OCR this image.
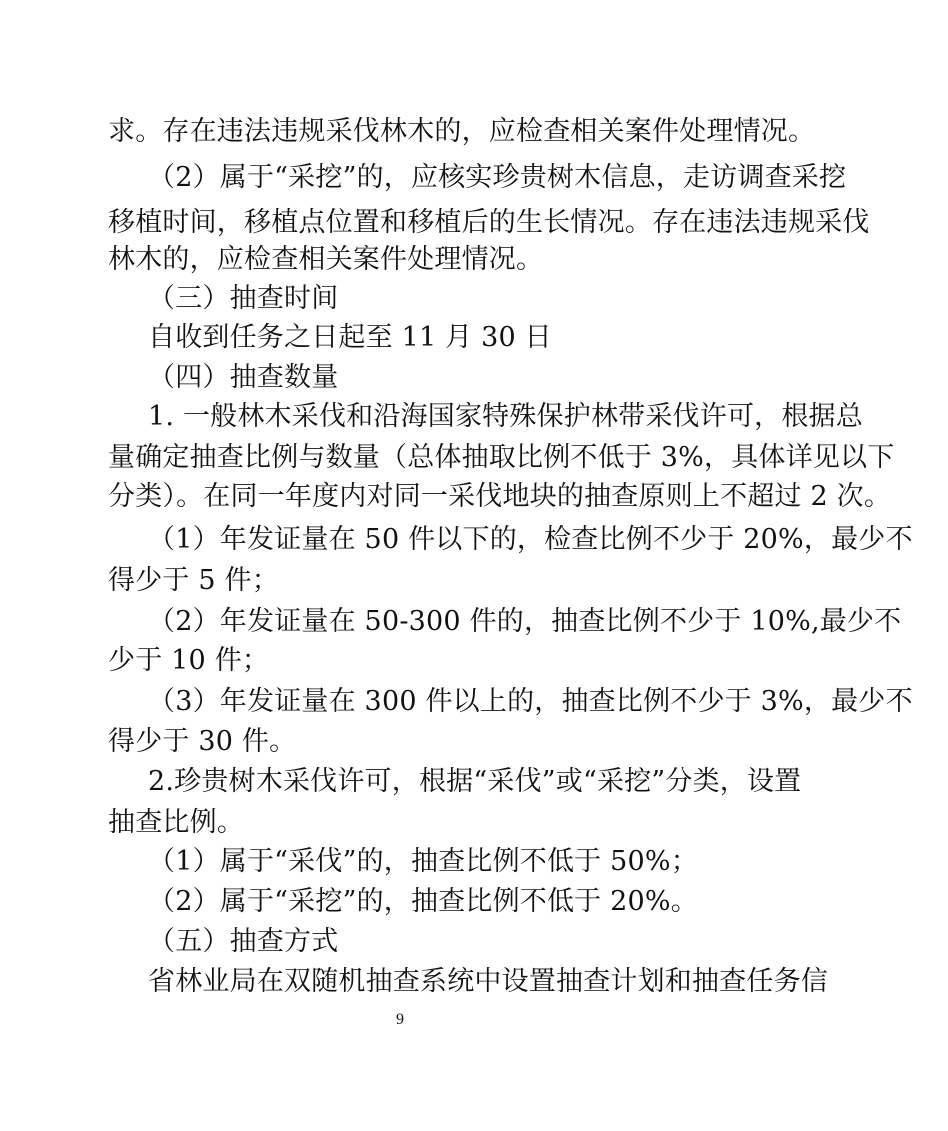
求。存在违法违规采伐林木的，应检查相关案件处理情况。
（2）属于“采挖”的，应核实珍贵树木信息，走访调查采挖
移植时间，移植点位置和移植后的生长情况。存在违法违规采伐
林木的，应检查相关案件处理情况。
（三）抽查时间
自收到任务之日起至 11 月 30 日
（四）抽查数量
1. 一般林木采伐和沿海国家特殊保护林带采伐许可，根据总
量确定抽查比例与数量（总体抽取比例不低于 3%，具体详见以下
分类）。在同一年度内对同一采伐地块的抽查原则上不超过 2 次。
（1）年发证量在 50 件以下的，检查比例不少于 20%，最少不
得少于 5 件；
（2）年发证量在 50-300 件的，抽查比例不少于 10%,最少不
少于 10 件；
（3）年发证量在 300 件以上的，抽查比例不少于 3%，最少不
得少于 30 件。
2.珍贵树木采伐许可，根据“采伐”或“采挖”分类，设置
抽查比例。
（1）属于“采伐”的，抽查比例不低于 50%；
（2）属于“采挖”的，抽查比例不低于 20%。
（五）抽查方式
省林业局在双随机抽查系统中设置抽查计划和抽查任务信
9
